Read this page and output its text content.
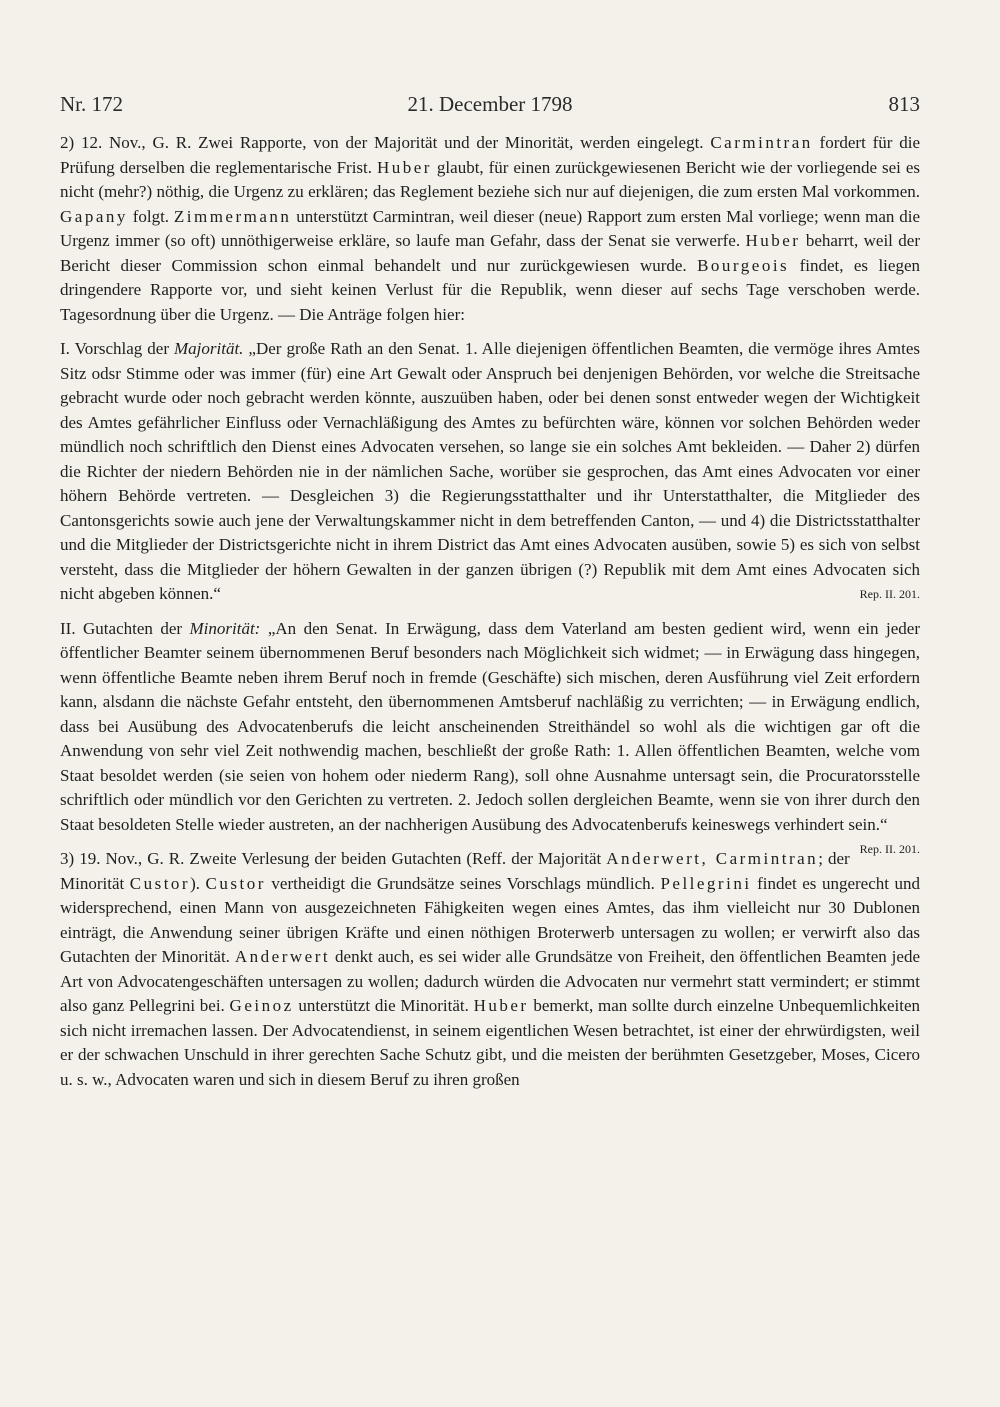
Nr. 172	21. December 1798	813
2) 12. Nov., G. R. Zwei Rapporte, von der Majorität und der Minorität, werden eingelegt. Carmintran fordert für die Prüfung derselben die reglementarische Frist. Huber glaubt, für einen zurückgewiesenen Bericht wie der vorliegende sei es nicht (mehr?) nöthig, die Urgenz zu erklären; das Reglement beziehe sich nur auf diejenigen, die zum ersten Mal vorkommen. Gapany folgt. Zimmermann unterstützt Carmintran, weil dieser (neue) Rapport zum ersten Mal vorliege; wenn man die Urgenz immer (so oft) unnöthigerweise erkläre, so laufe man Gefahr, dass der Senat sie verwerfe. Huber beharrt, weil der Bericht dieser Commission schon einmal behandelt und nur zurückgewiesen wurde. Bourgeois findet, es liegen dringendere Rapporte vor, und sieht keinen Verlust für die Republik, wenn dieser auf sechs Tage verschoben werde. Tagesordnung über die Urgenz. — Die Anträge folgen hier:
I. Vorschlag der Majorität. „Der große Rath an den Senat. 1. Alle diejenigen öffentlichen Beamten, die vermöge ihres Amtes Sitz odsr Stimme oder was immer (für) eine Art Gewalt oder Anspruch bei denjenigen Behörden, vor welche die Streitsache gebracht wurde oder noch gebracht werden könnte, auszuüben haben, oder bei denen sonst entweder wegen der Wichtigkeit des Amtes gefährlicher Einfluss oder Vernachläßigung des Amtes zu befürchten wäre, können vor solchen Behörden weder mündlich noch schriftlich den Dienst eines Advocaten versehen, so lange sie ein solches Amt bekleiden. — Daher 2) dürfen die Richter der niedern Behörden nie in der nämlichen Sache, worüber sie gesprochen, das Amt eines Advocaten vor einer höhern Behörde vertreten. — Desgleichen 3) die Regierungsstatthalter und ihr Unterstatthalter, die Mitglieder des Cantonsgerichts sowie auch jene der Verwaltungskammer nicht in dem betreffenden Canton, — und 4) die Districtsstatthalter und die Mitglieder der Districtsgerichte nicht in ihrem District das Amt eines Advocaten ausüben, sowie 5) es sich von selbst versteht, dass die Mitglieder der höhern Gewalten in der ganzen übrigen (?) Republik mit dem Amt eines Advocaten sich nicht abgeben können.“	Rep. II. 201.
II. Gutachten der Minorität: „An den Senat. In Erwägung, dass dem Vaterland am besten gedient wird, wenn ein jeder öffentlicher Beamter seinem übernommenen Beruf besonders nach Möglichkeit sich widmet; — in Erwägung dass hingegen, wenn öffentliche Beamte neben ihrem Beruf noch in fremde (Geschäfte) sich mischen, deren Ausführung viel Zeit erfordern kann, alsdann die nächste Gefahr entsteht, den übernommenen Amtsberuf nachläßig zu verrichten; — in Erwägung endlich, dass bei Ausübung des Advocatenberufs die leicht anscheinenden Streithändel so wohl als die wichtigen gar oft die Anwendung von sehr viel Zeit nothwendig machen, beschließt der große Rath: 1. Allen öffentlichen Beamten, welche vom Staat besoldet werden (sie seien von hohem oder niederm Rang), soll ohne Ausnahme untersagt sein, die Procuratorsstelle schriftlich oder mündlich vor den Gerichten zu vertreten. 2. Jedoch sollen dergleichen Beamte, wenn sie von ihrer durch den Staat besoldeten Stelle wieder austreten, an der nachherigen Ausübung des Advocatenberufs keineswegs verhindert sein.“
Rep. II. 201.
3) 19. Nov., G. R. Zweite Verlesung der beiden Gutachten (Reff. der Majorität Anderwert, Carmintran; der Minorität Custor). Custor vertheidigt die Grundsätze seines Vorschlags mündlich. Pellegrini findet es ungerecht und widersprechend, einen Mann von ausgezeichneten Fähigkeiten wegen eines Amtes, das ihm vielleicht nur 30 Dublonen einträgt, die Anwendung seiner übrigen Kräfte und einen nöthigen Broterwerb untersagen zu wollen; er verwirft also das Gutachten der Minorität. Anderwert denkt auch, es sei wider alle Grundsätze von Freiheit, den öffentlichen Beamten jede Art von Advocatengeschäften untersagen zu wollen; dadurch würden die Advocaten nur vermehrt statt vermindert; er stimmt also ganz Pellegrini bei. Geinoz unterstützt die Minorität. Huber bemerkt, man sollte durch einzelne Unbequemlichkeiten sich nicht irremachen lassen. Der Advocatendienst, in seinem eigentlichen Wesen betrachtet, ist einer der ehrwürdigsten, weil er der schwachen Unschuld in ihrer gerechten Sache Schutz gibt, und die meisten der berühmten Gesetzgeber, Moses, Cicero u. s. w., Advocaten waren und sich in diesem Beruf zu ihren großen
